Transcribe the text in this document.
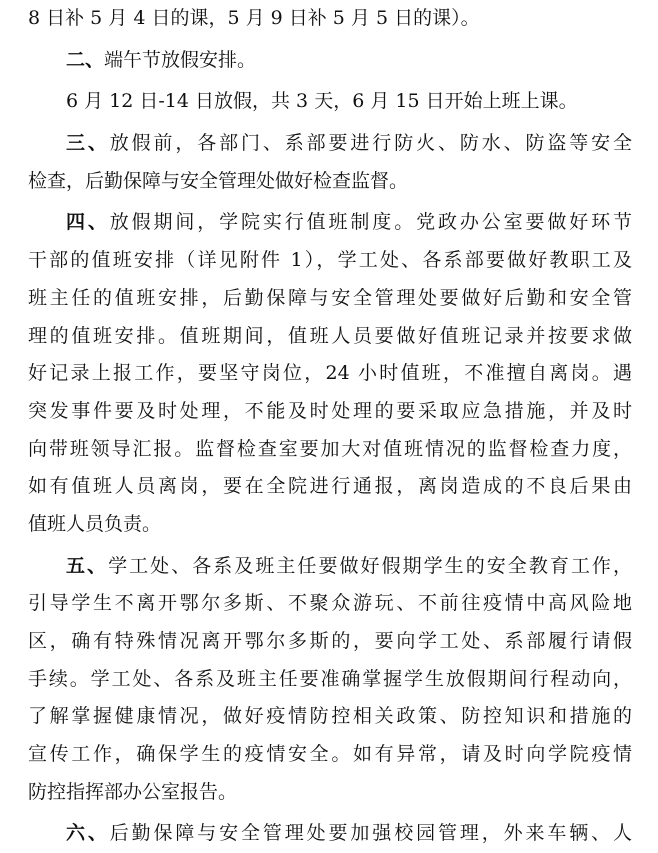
8 日补 5 月 4 日的课，5 月 9 日补 5 月 5 日的课）。
二、端午节放假安排。
6 月 12 日-14 日放假，共 3 天，6 月 15 日开始上班上课。
三、放假前，各部门、系部要进行防火、防水、防盗等安全
检查，后勤保障与安全管理处做好检查监督。
四、放假期间，学院实行值班制度。党政办公室要做好环节
干部的值班安排（详见附件 1），学工处、各系部要做好教职工及
班主任的值班安排，后勤保障与安全管理处要做好后勤和安全管
理的值班安排。值班期间，值班人员要做好值班记录并按要求做
好记录上报工作，要坚守岗位，24 小时值班，不准擅自离岗。遇
突发事件要及时处理，不能及时处理的要采取应急措施，并及时
向带班领导汇报。监督检查室要加大对值班情况的监督检查力度，
如有值班人员离岗，要在全院进行通报，离岗造成的不良后果由
值班人员负责。
五、学工处、各系及班主任要做好假期学生的安全教育工作，
引导学生不离开鄂尔多斯、不聚众游玩、不前往疫情中高风险地
区，确有特殊情况离开鄂尔多斯的，要向学工处、系部履行请假
手续。学工处、各系及班主任要准确掌握学生放假期间行程动向，
了解掌握健康情况，做好疫情防控相关政策、防控知识和措施的
宣传工作，确保学生的疫情安全。如有异常，请及时向学院疫情
防控指挥部办公室报告。
六、后勤保障与安全管理处要加强校园管理，外来车辆、人
